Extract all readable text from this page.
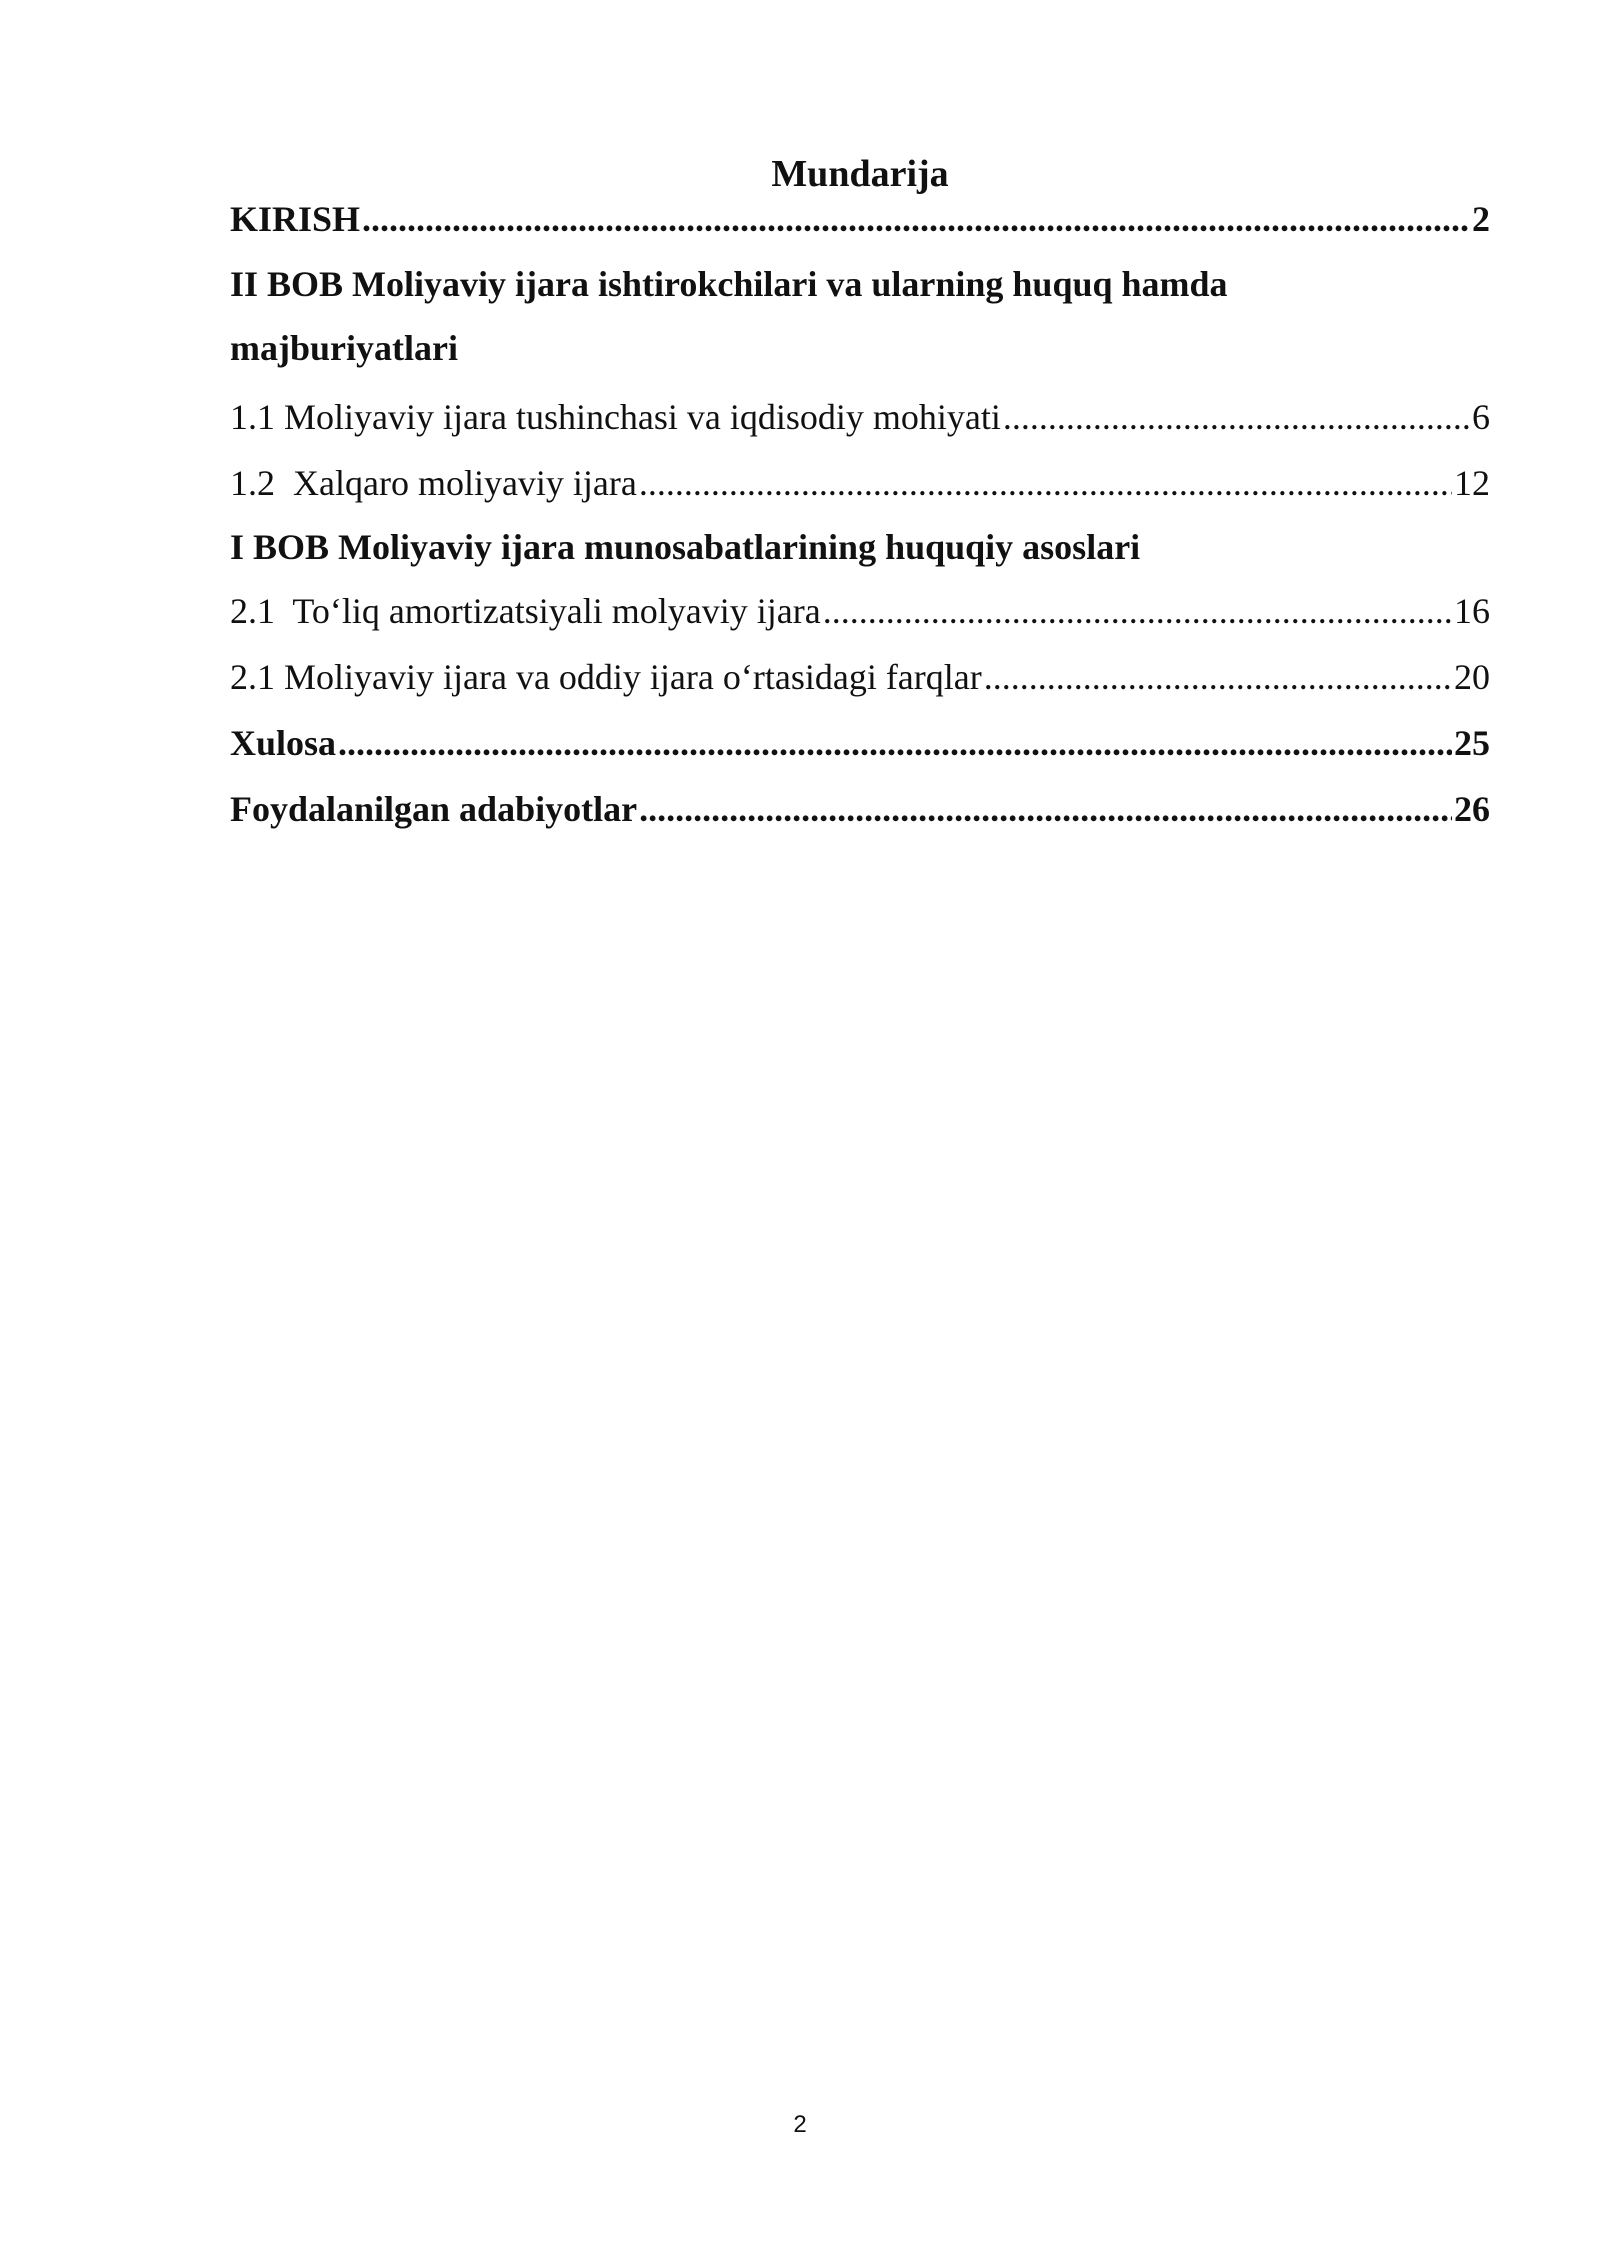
Mundarija
KIRISH .....	2
II BOB Moliyaviy ijara ishtirokchilari va ularning huquq hamda majburiyatlari
1.1 Moliyaviy ijara tushinchasi va iqdisodiy mohiyati .....	6
1.2  Xalqaro moliyaviy ijara .....	12
I BOB Moliyaviy ijara munosabatlarining huquqiy asoslari
2.1  To‘liq amortizatsiyali molyaviy ijara .....	16
2.1 Moliyaviy ijara va oddiy ijara o‘rtasidagi farqlar .....	20
Xulosa .....	25
Foydalanilgan adabiyotlar .....	26
2
